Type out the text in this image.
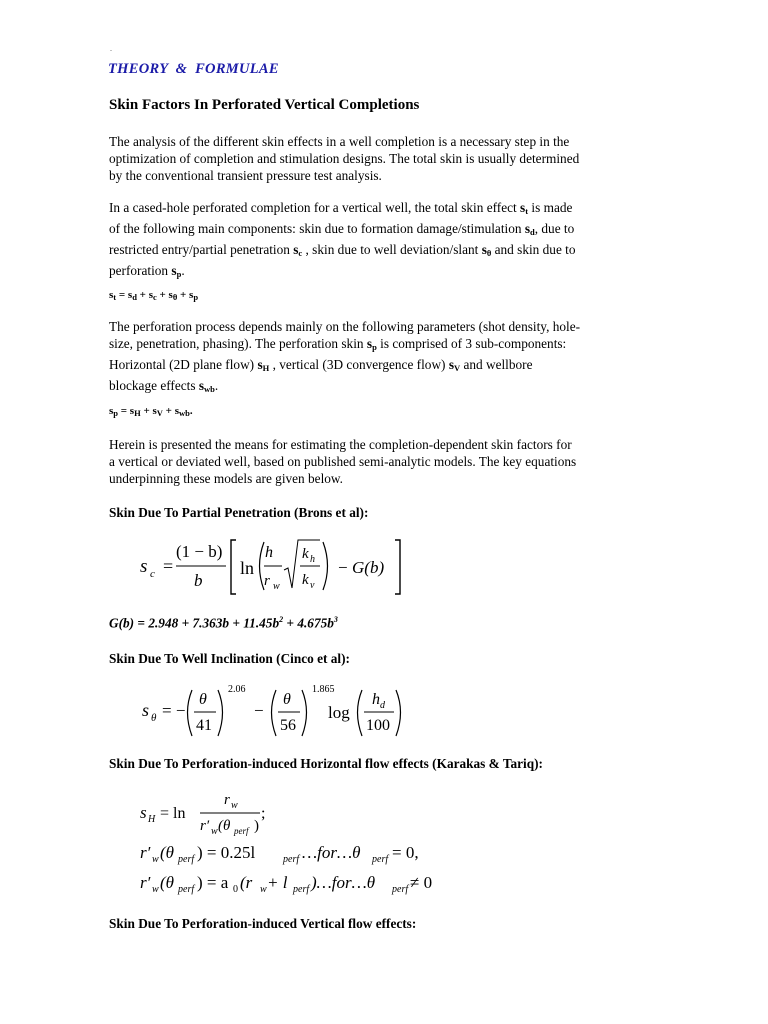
.
THEORY  &  FORMULAE
Skin Factors In Perforated Vertical Completions
The analysis of the different skin effects in a well completion is a necessary step in the
optimization of completion and stimulation designs. The total skin is usually determined
by the conventional transient pressure test analysis.
In a cased-hole perforated completion for a vertical well, the total skin effect $s_t$ is made
of the following main components: skin due to formation damage/stimulation $s_d$, due to
restricted entry/partial penetration $s_c$ , skin due to well deviation/slant $s_\theta$ and skin due to
perforation $s_p$.
$s_t = s_d + s_c + s_\theta + s_p$
The perforation process depends mainly on the following parameters (shot density, hole-
size, penetration, phasing). The perforation skin $s_p$ is comprised of 3 sub-components:
Horizontal (2D plane flow) $s_H$ , vertical (3D convergence flow) $s_V$ and wellbore
blockage effects $s_{wb}$.
$s_p = s_H + s_V + s_{wb}$.
Herein is presented the means for estimating the completion-dependent skin factors for
a vertical or deviated well, based on published semi-analytic models. The key equations
underpinning these models are given below.
Skin Due To Partial Penetration (Brons et al):
s c =
(1 − b)
b
ln
h
r w
k h
k v
− G(b)
$G(b) = 2.948 + 7.363b + 11.45b^2 + 4.675b^3$
Skin Due To Well Inclination (Cinco et al):
s θ = −
θ
41
2.06
−
θ
56
1.865
log
h d
100
Skin Due To Perforation-induced Horizontal flow effects (Karakas & Tariq):
s H = ln
r w
r′ w (θ perf )
;
r′ w (θ perf ) = 0.25l	perf …for…θ perf = 0,
r′ w (θ perf ) = a 0 (r w + l perf )…for…θ perf ≠ 0
Skin Due To Perforation-induced Vertical flow effects:
